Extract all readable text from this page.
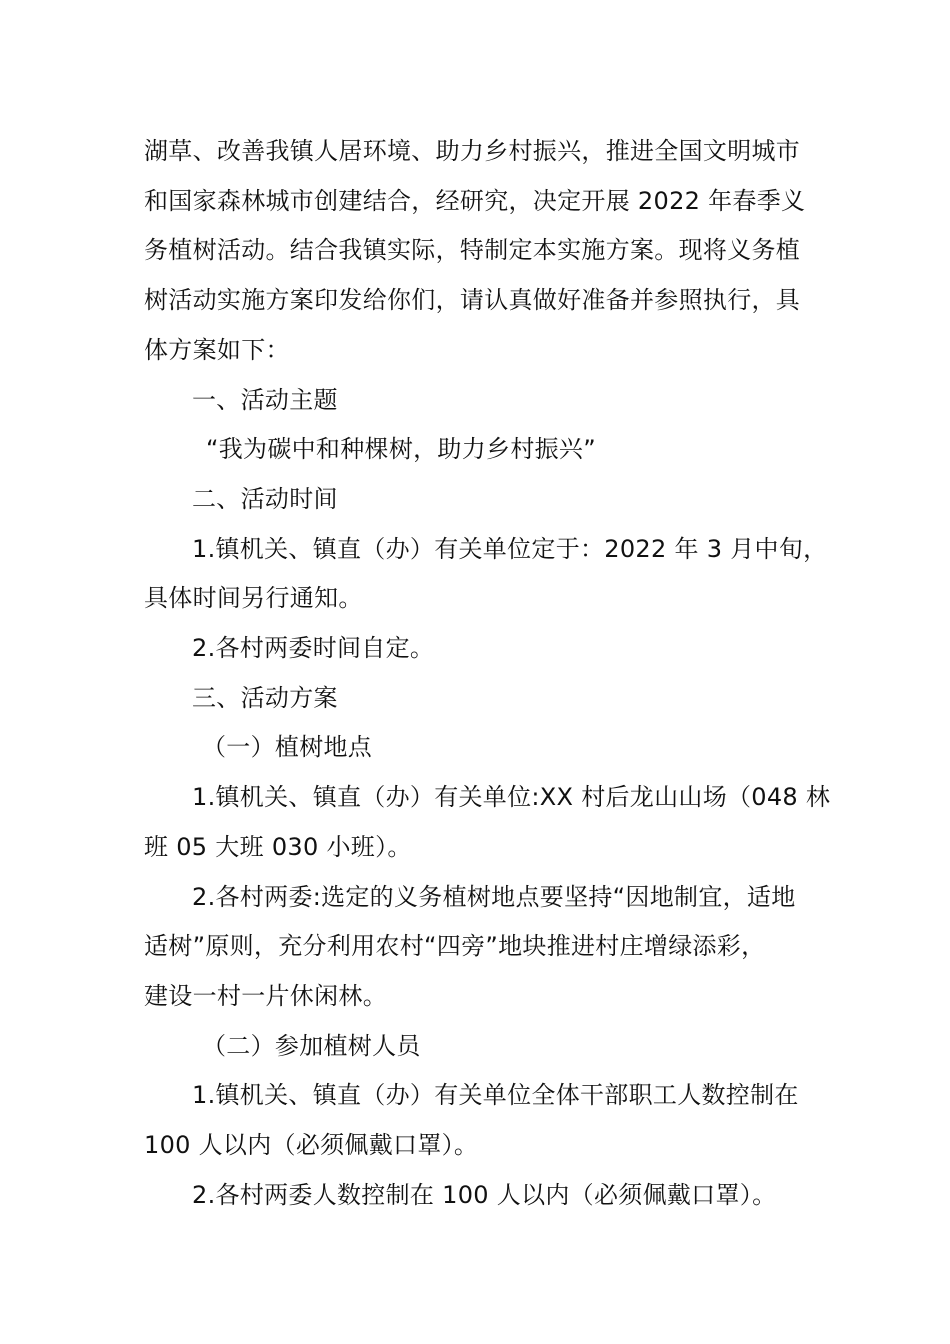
湖草、改善我镇人居环境、助力乡村振兴，推进全国文明城市
和国家森林城市创建结合，经研究，决定开展 2022 年春季义
务植树活动。结合我镇实际，特制定本实施方案。现将义务植
树活动实施方案印发给你们，请认真做好准备并参照执行，具
体方案如下：

一、活动主题

“我为碳中和种棵树，助力乡村振兴”

二、活动时间

1.镇机关、镇直（办）有关单位定于：2022 年 3 月中旬，
具体时间另行通知。

2.各村两委时间自定。

三、活动方案

（一）植树地点

1.镇机关、镇直（办）有关单位:XX 村后龙山山场（048 林
班 05 大班 030 小班）。

2.各村两委:选定的义务植树地点要坚持“因地制宜，适地
适树”原则，充分利用农村“四旁”地块推进村庄增绿添彩，
建设一村一片休闲林。

（二）参加植树人员

1.镇机关、镇直（办）有关单位全体干部职工人数控制在
100 人以内（必须佩戴口罩）。

2.各村两委人数控制在 100 人以内（必须佩戴口罩）。
